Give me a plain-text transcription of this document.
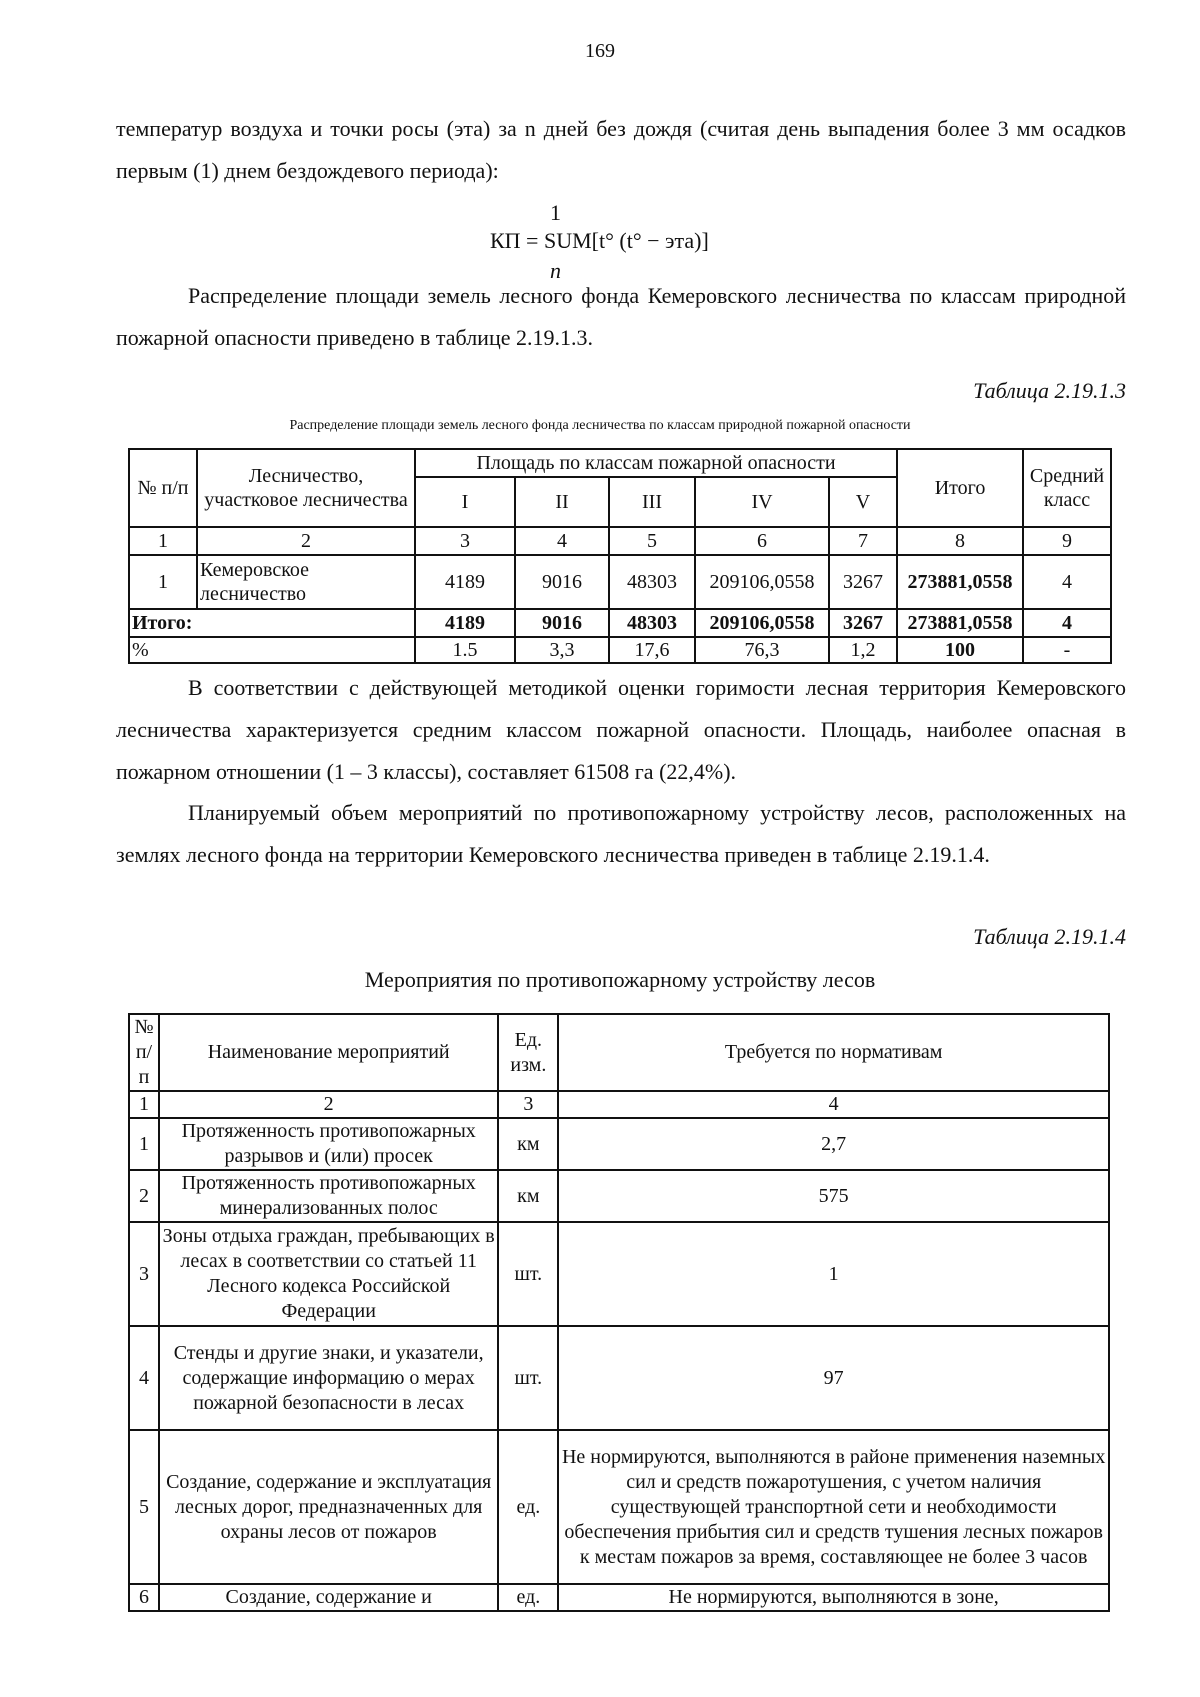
169

температур воздуха и точки росы (эта) за n дней без дождя (считая день выпадения более 3 мм осадков первым (1) днем бездождевого периода):

1
КП = SUM[t° (t° − эта)]
n

Распределение площади земель лесного фонда Кемеровского лесничества по классам природной пожарной опасности приведено в таблице 2.19.1.3.

Таблица 2.19.1.3
Распределение площади земель лесного фонда лесничества по классам природной пожарной опасности
№ п/п	Лесничество, участковое лесничества	Площадь по классам пожарной опасности					Итого	Средний класс
		I	II	III	IV	V		
1	2	3	4	5	6	7	8	9
1	Кемеровское лесничество	4189	9016	48303	209106,0558	3267	273881,0558	4
Итого:		4189	9016	48303	209106,0558	3267	273881,0558	4
%		1.5	3,3	17,6	76,3	1,2	100	-

В соответствии с действующей методикой оценки горимости лесная территория Кемеровского лесничества характеризуется средним классом пожарной опасности. Площадь, наиболее опасная в пожарном отношении (1 – 3 классы), составляет 61508 га (22,4%).

Планируемый объем мероприятий по противопожарному устройству лесов, расположенных на землях лесного фонда на территории Кемеровского лесничества приведен в таблице 2.19.1.4.

Таблица 2.19.1.4
Мероприятия по противопожарному устройству лесов
№ п/п	Наименование мероприятий	Ед. изм.	Требуется по нормативам
1	2	3	4
1	Протяженность противопожарных разрывов и (или) просек	км	2,7
2	Протяженность противопожарных минерализованных полос	км	575
3	Зоны отдыха граждан, пребывающих в лесах в соответствии со статьей 11 Лесного кодекса Российской Федерации	шт.	1
4	Стенды и другие знаки, и указатели, содержащие информацию о мерах пожарной безопасности в лесах	шт.	97
5	Создание, содержание и эксплуатация лесных дорог, предназначенных для охраны лесов от пожаров	ед.	Не нормируются, выполняются в районе применения наземных сил и средств пожаротушения, с учетом наличия существующей транспортной сети и необходимости обеспечения прибытия сил и средств тушения лесных пожаров к местам пожаров за время, составляющее не более 3 часов
6	Создание, содержание и	ед.	Не нормируются, выполняются в зоне,
